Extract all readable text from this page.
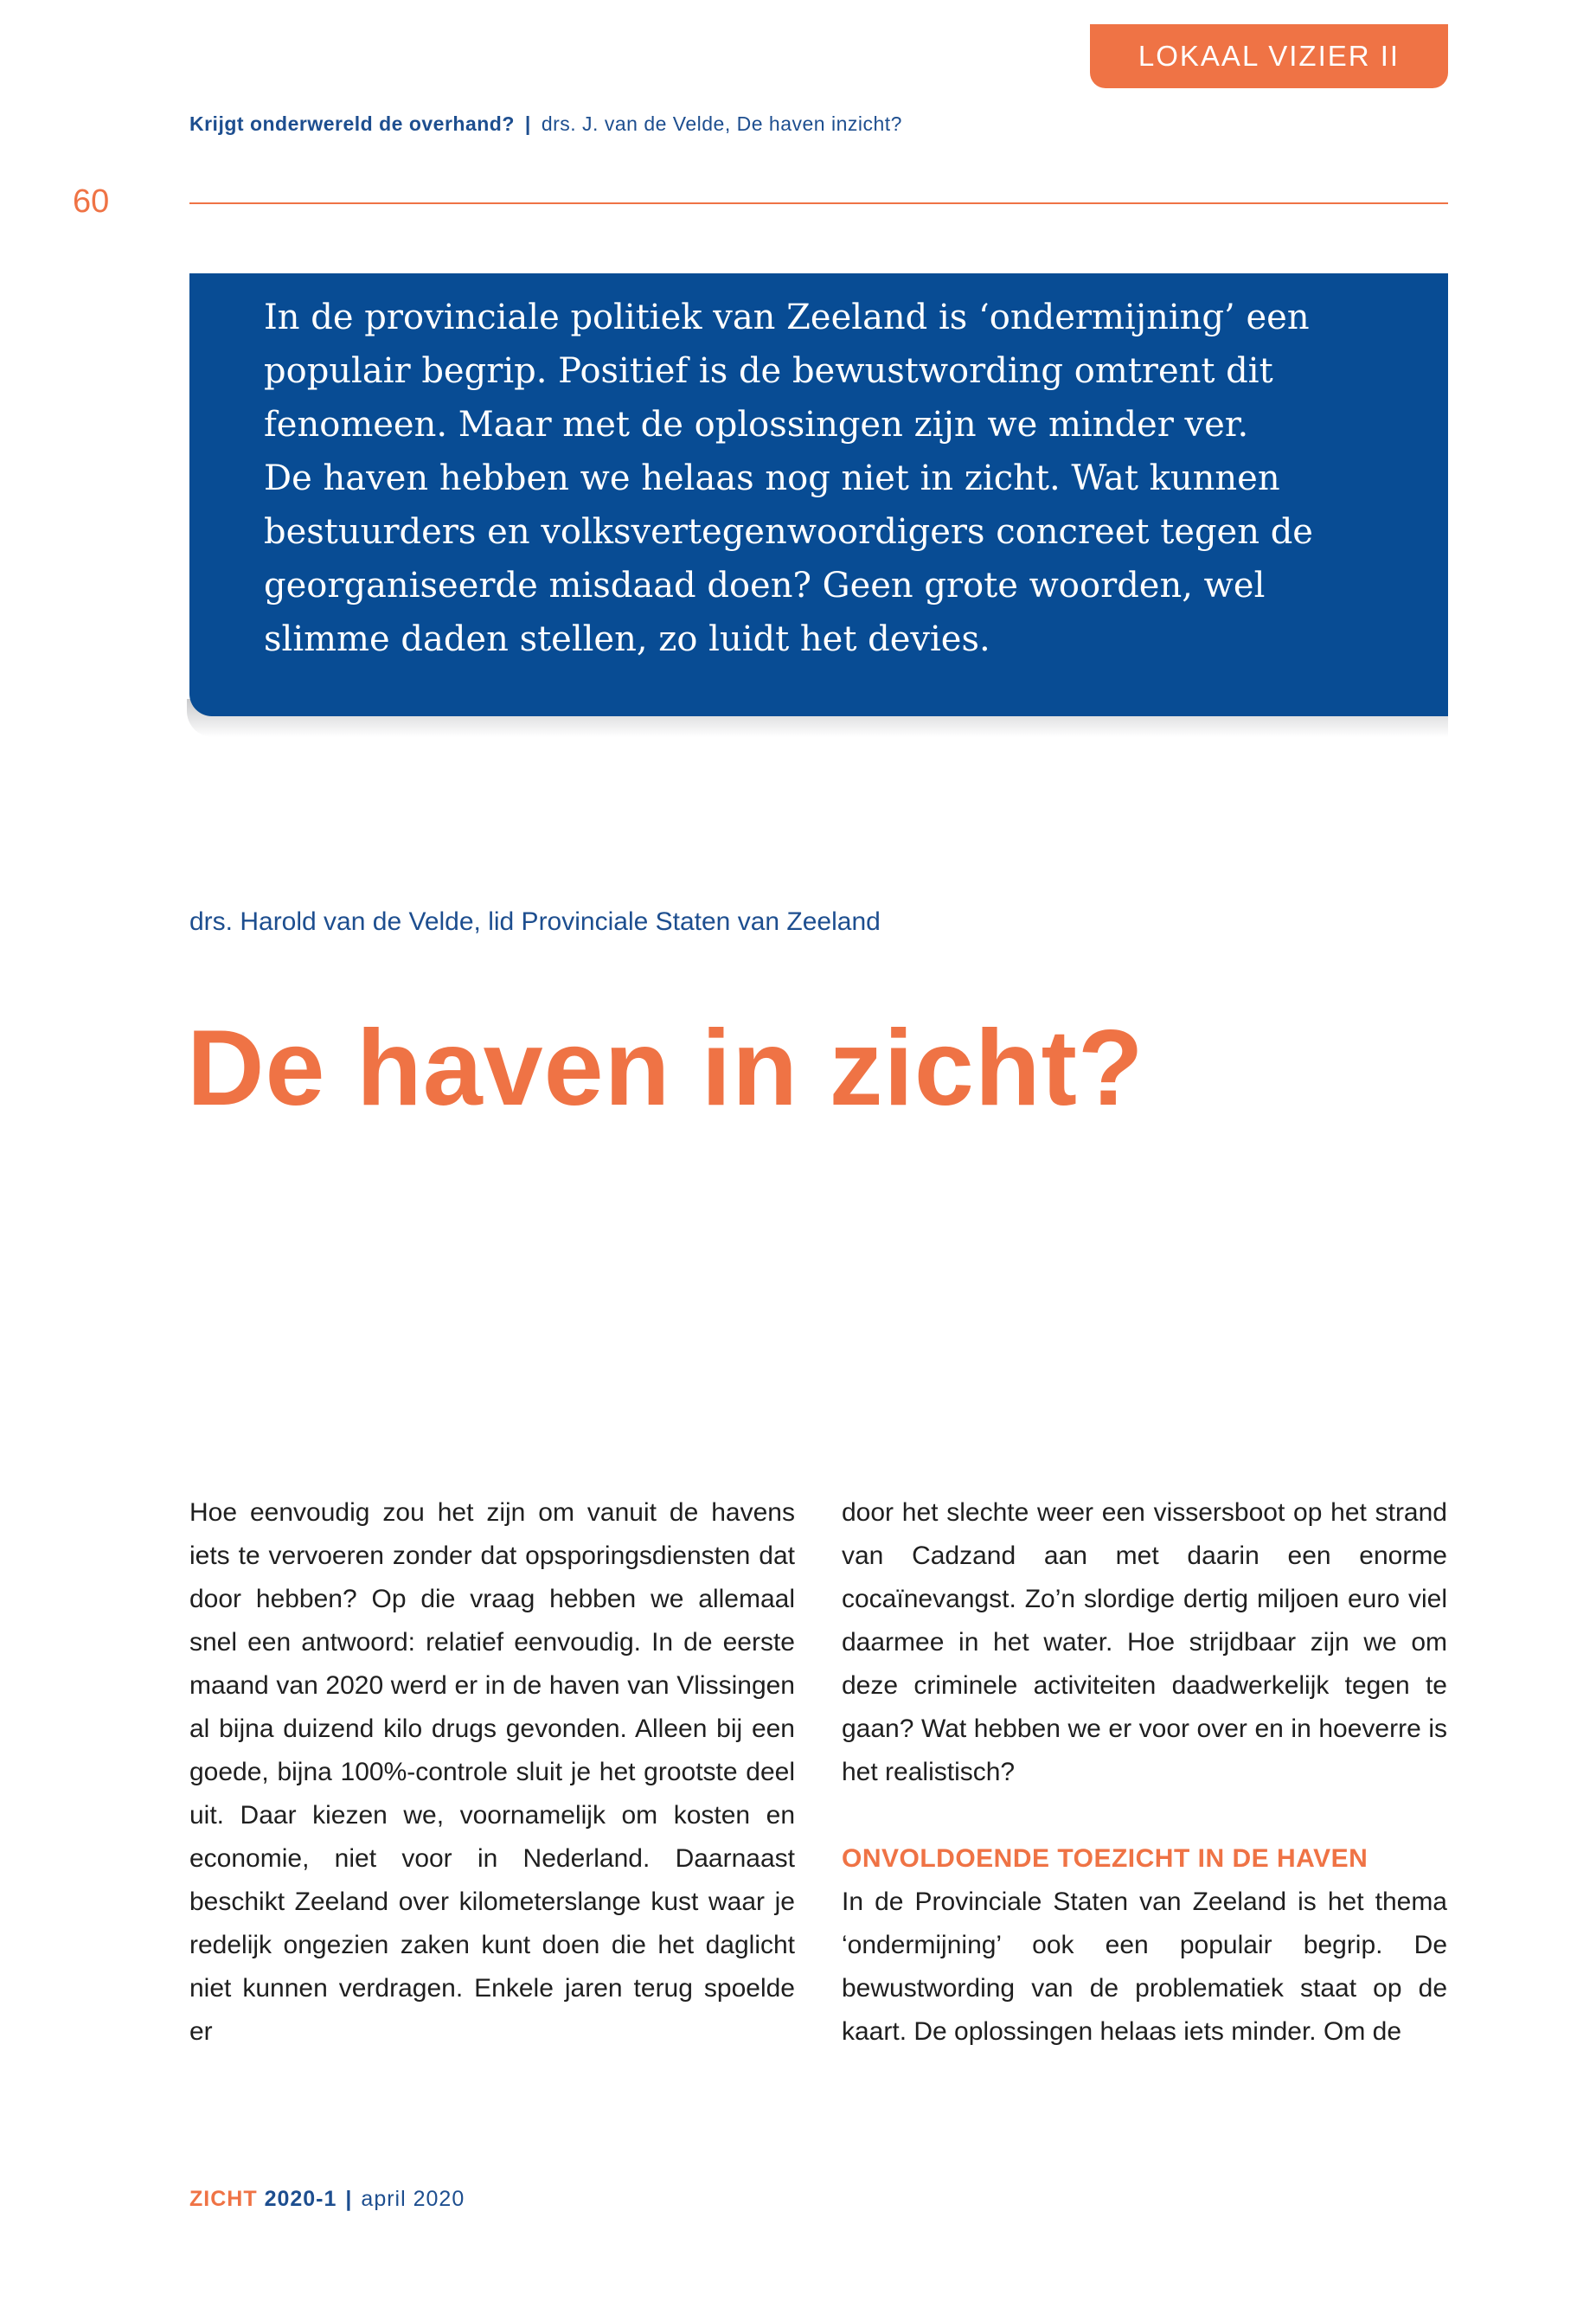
LOKAAL VIZIER II
Krijgt onderwereld de overhand? | drs. J. van de Velde, De haven inzicht?
60

In de provinciale politiek van Zeeland is ‘ondermijning’ een
populair begrip. Positief is de bewustwording omtrent dit
fenomeen. Maar met de oplossingen zijn we minder ver.
De haven hebben we helaas nog niet in zicht. Wat kunnen
bestuurders en volksvertegenwoordigers concreet tegen de
georganiseerde misdaad doen? Geen grote woorden, wel
slimme daden stellen, zo luidt het devies.

drs. Harold van de Velde, lid Provinciale Staten van Zeeland
De haven in zicht?

Hoe eenvoudig zou het zijn om vanuit de havens iets te vervoeren zonder dat opsporingsdiensten dat door hebben? Op die vraag hebben we allemaal snel een antwoord: relatief eenvoudig. In de eerste maand van 2020 werd er in de haven van Vlissingen al bijna duizend kilo drugs gevonden. Alleen bij een goede, bijna 100%-controle sluit je het grootste deel uit. Daar kiezen we, voornamelijk om kosten en economie, niet voor in Nederland. Daarnaast beschikt Zeeland over kilometerslange kust waar je redelijk ongezien zaken kunt doen die het daglicht niet kunnen verdragen. Enkele jaren terug spoelde er

door het slechte weer een vissersboot op het strand van Cadzand aan met daarin een enorme cocaïnevangst. Zo’n slordige dertig miljoen euro viel daarmee in het water. Hoe strijdbaar zijn we om deze criminele activiteiten daadwerkelijk tegen te gaan? Wat hebben we er voor over en in hoeverre is het realistisch?

ONVOLDOENDE TOEZICHT IN DE HAVEN

In de Provinciale Staten van Zeeland is het thema ‘ondermijning’ ook een populair begrip. De bewustwording van de problematiek staat op de kaart. De oplossingen helaas iets minder. Om de

ZICHT 2020-1 | april 2020
